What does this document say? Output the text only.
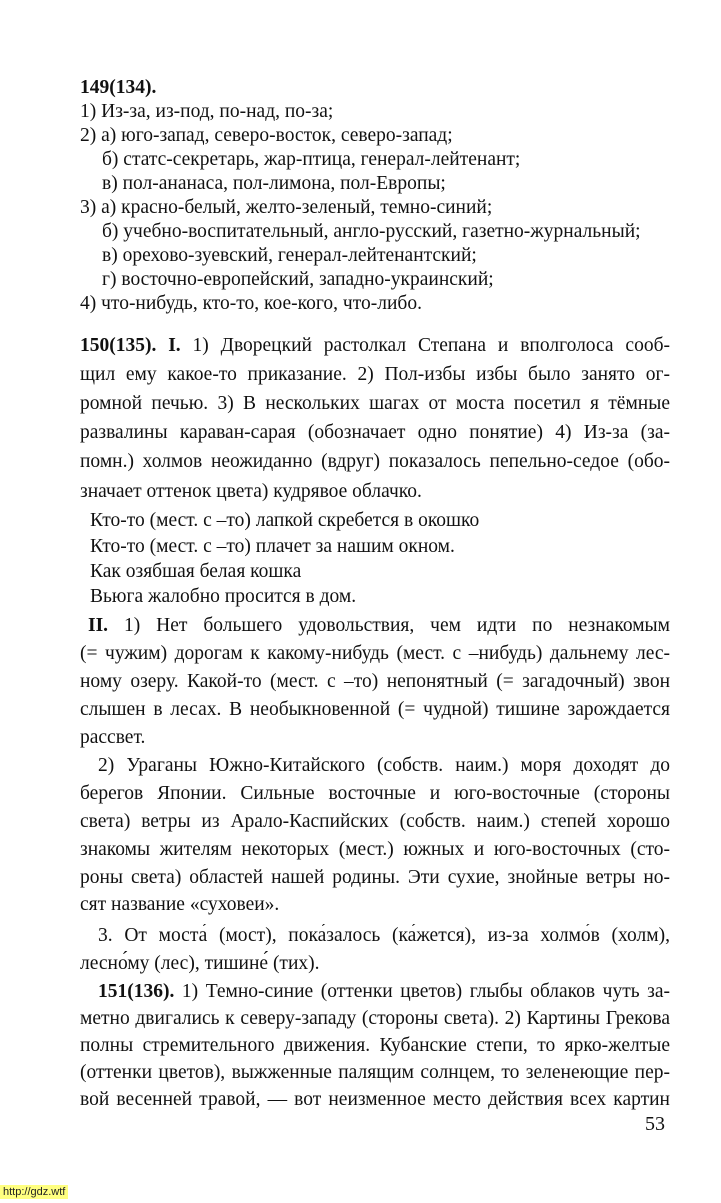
149(134).
1) Из-за, из-под, по-над, по-за;
2) а) юго-запад, северо-восток, северо-запад;
б) статс-секретарь, жар-птица, генерал-лейтенант;
в) пол-ананаса, пол-лимона, пол-Европы;
3) а) красно-белый, желто-зеленый, темно-синий;
б) учебно-воспитательный, англо-русский, газетно-журнальный;
в) орехово-зуевский, генерал-лейтенантский;
г) восточно-европейский, западно-украинский;
4) что-нибудь, кто-то, кое-кого, что-либо.
150(135). I. 1) Дворецкий растолкал Степана и вполголоса сооб-
щил ему какое-то приказание. 2) Пол-избы избы было занято ог-
ромной печью. 3) В нескольких шагах от моста посетил я тёмные
развалины караван-сарая (обозначает одно понятие) 4) Из-за (за-
помн.) холмов неожиданно (вдруг) показалось пепельно-седое (обо-
значает оттенок цвета) кудрявое облачко.
Кто-то (мест. с –то) лапкой скребется в окошко
Кто-то (мест. с –то) плачет за нашим окном.
Как озябшая белая кошка
Вьюга жалобно просится в дом.
II. 1) Нет большего удовольствия, чем идти по незнакомым
(= чужим) дорогам к какому-нибудь (мест. с –нибудь) дальнему лес-
ному озеру. Какой-то (мест. с –то) непонятный (= загадочный) звон
слышен в лесах. В необыкновенной (= чудной) тишине зарождается
рассвет.
2) Ураганы Южно-Китайского (собств. наим.) моря доходят до
берегов Японии. Сильные восточные и юго-восточные (стороны
света) ветры из Арало-Каспийских (собств. наим.) степей хорошо
знакомы жителям некоторых (мест.) южных и юго-восточных (сто-
роны света) областей нашей родины. Эти сухие, знойные ветры но-
сят название «суховеи».
3. От моста́ (мост), пока́залось (ка́жется), из-за холмо́в (холм),
лесно́му (лес), тишине́ (тих).
151(136). 1) Темно-синие (оттенки цветов) глыбы облаков чуть за-
метно двигались к северу-западу (стороны света). 2) Картины Грекова
полны стремительного движения. Кубанские степи, то ярко-желтые
(оттенки цветов), выжженные палящим солнцем, то зеленеющие пер-
вой весенней травой, — вот неизменное место действия всех картин
53
http://gdz.wtf
